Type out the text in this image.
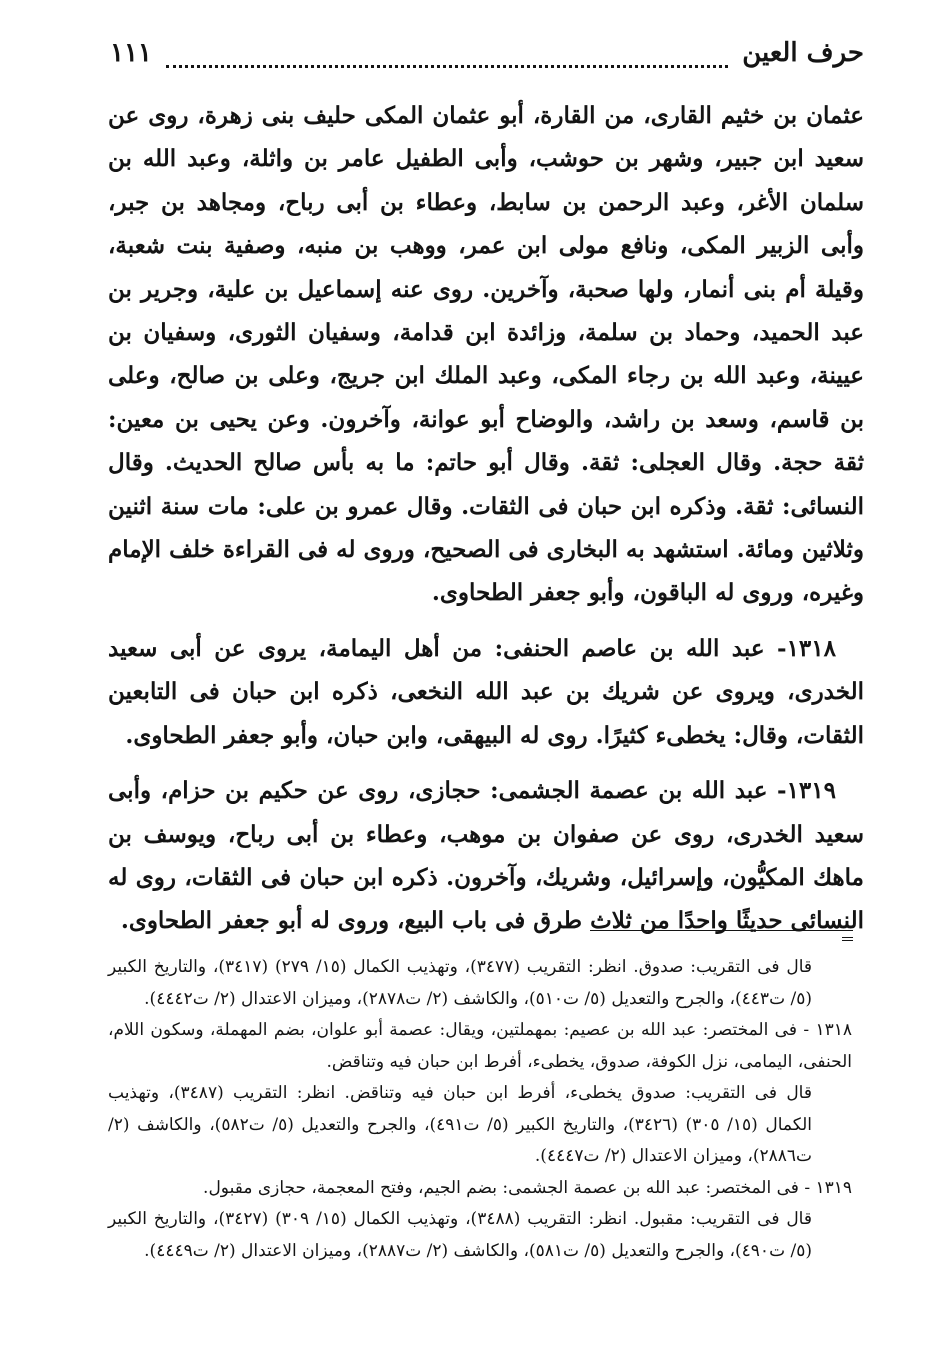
حرف العين
١١١

عثمان بن خثيم القارى، من القارة، أبو عثمان المكى حليف بنى زهرة، روى عن سعيد ابن جبير، وشهر بن حوشب، وأبى الطفيل عامر بن واثلة، وعبد الله بن سلمان الأغر، وعبد الرحمن بن سابط، وعطاء بن أبى رباح، ومجاهد بن جبر، وأبى الزبير المكى، ونافع مولى ابن عمر، ووهب بن منبه، وصفية بنت شعبة، وقيلة أم بنى أنمار، ولها صحبة، وآخرين. روى عنه إسماعيل بن علية، وجرير بن عبد الحميد، وحماد بن سلمة، وزائدة ابن قدامة، وسفيان الثورى، وسفيان بن عيينة، وعبد الله بن رجاء المكى، وعبد الملك ابن جريج، وعلى بن صالح، وعلى بن قاسم، وسعد بن راشد، والوضاح أبو عوانة، وآخرون. وعن يحيى بن معين: ثقة حجة. وقال العجلى: ثقة. وقال أبو حاتم: ما به بأس صالح الحديث. وقال النسائى: ثقة. وذكره ابن حبان فى الثقات. وقال عمرو بن على: مات سنة اثنين وثلاثين ومائة. استشهد به البخارى فى الصحيح، وروى له فى القراءة خلف الإمام وغيره، وروى له الباقون، وأبو جعفر الطحاوى.

١٣١٨- عبد الله بن عاصم الحنفى: من أهل اليمامة، يروى عن أبى سعيد الخدرى، ويروى عن شريك بن عبد الله النخعى، ذكره ابن حبان فى التابعين الثقات، وقال: يخطىء كثيرًا. روى له البيهقى، وابن حبان، وأبو جعفر الطحاوى.

١٣١٩- عبد الله بن عصمة الجشمى: حجازى، روى عن حكيم بن حزام، وأبى سعيد الخدرى، روى عن صفوان بن موهب، وعطاء بن أبى رباح، ويوسف بن ماهك المكيُّون، وإسرائيل، وشريك، وآخرون. ذكره ابن حبان فى الثقات، روى له النسائى حديثًا واحدًا من ثلاث طرق فى باب البيع، وروى له أبو جعفر الطحاوى.

قال فى التقريب: صدوق. انظر: التقريب (٣٤٧٧)، وتهذيب الكمال (١٥/ ٢٧٩) (٣٤١٧)، والتاريخ الكبير (٥/ ت٤٤٣)، والجرح والتعديل (٥/ ت٥١٠)، والكاشف (٢/ ت٢٨٧٨)، وميزان الاعتدال (٢/ ت٤٤٤٢).

١٣١٨ - فى المختصر: عبد الله بن عصيم: بمهملتين، ويقال: عصمة أبو علوان، بضم المهملة، وسكون اللام، الحنفى، اليمامى، نزل الكوفة، صدوق، يخطىء، أفرط ابن حبان فيه وتناقض.

قال فى التقريب: صدوق يخطىء، أفرط ابن حبان فيه وتناقض. انظر: التقريب (٣٤٨٧)، وتهذيب الكمال (١٥/ ٣٠٥) (٣٤٢٦)، والتاريخ الكبير (٥/ ت٤٩١)، والجرح والتعديل (٥/ ت٥٨٢)، والكاشف (٢/ ت٢٨٨٦)، وميزان الاعتدال (٢/ ت٤٤٤٧).

١٣١٩ - فى المختصر: عبد الله بن عصمة الجشمى: بضم الجيم، وفتح المعجمة، حجازى مقبول.

قال فى التقريب: مقبول. انظر: التقريب (٣٤٨٨)، وتهذيب الكمال (١٥/ ٣٠٩) (٣٤٢٧)، والتاريخ الكبير (٥/ ت٤٩٠)، والجرح والتعديل (٥/ ت٥٨١)، والكاشف (٢/ ت٢٨٨٧)، وميزان الاعتدال (٢/ ت٤٤٤٩).
